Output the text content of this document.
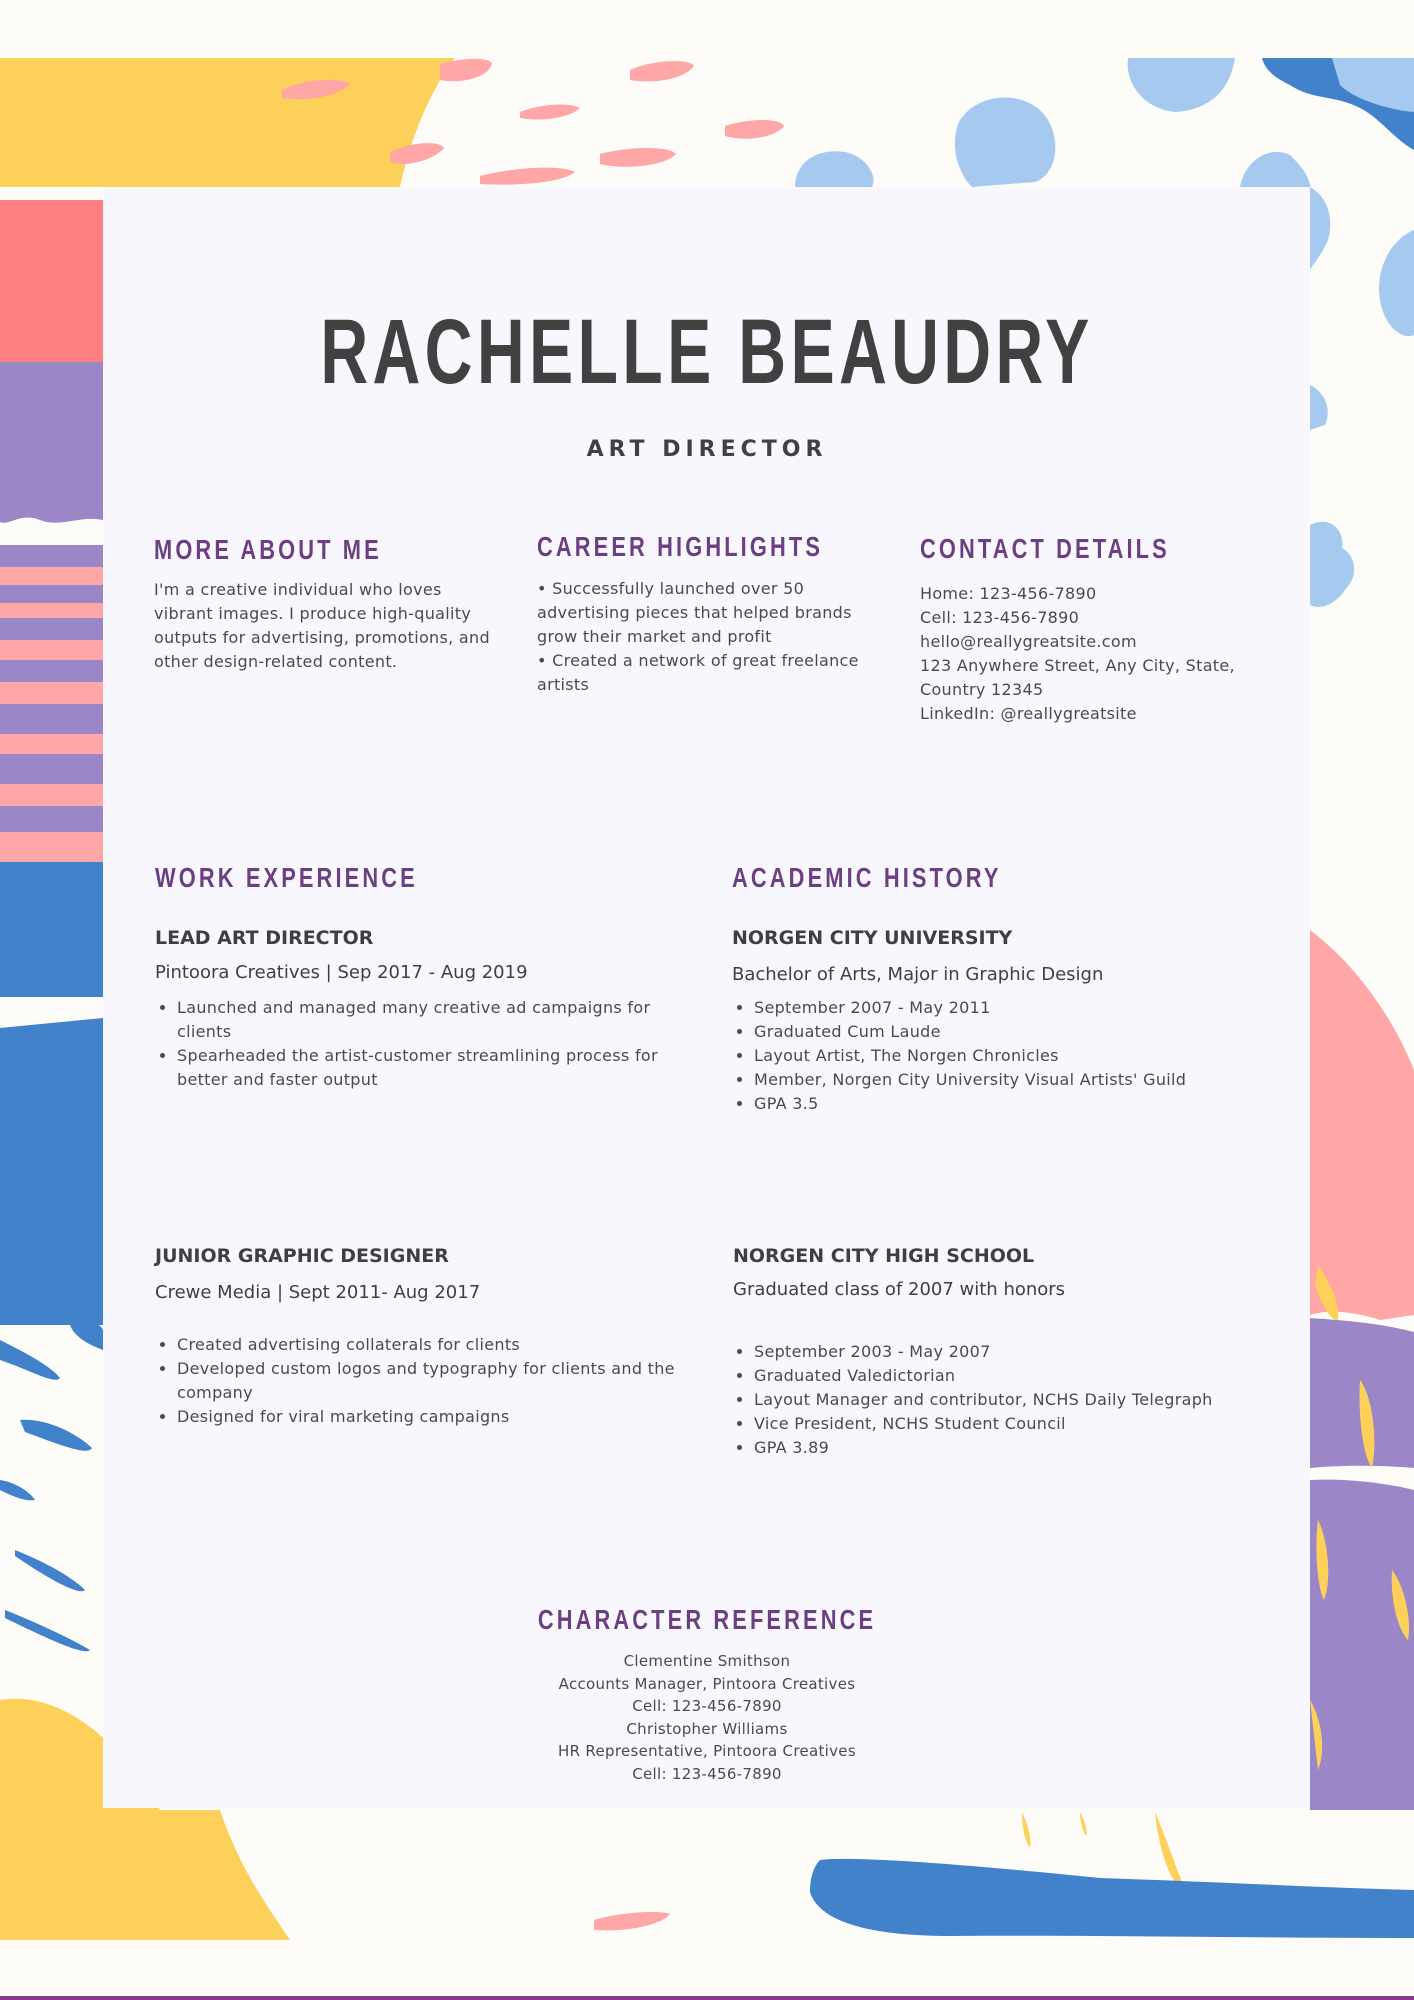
RACHELLE BEAUDRY
ART DIRECTOR
MORE ABOUT ME

I'm a creative individual who loves

vibrant images. I produce high-quality

outputs for advertising, promotions, and

other design-related content.

CAREER HIGHLIGHTS

• Successfully launched over 50

advertising pieces that helped brands

grow their market and profit

• Created a network of great freelance

artists

CONTACT DETAILS

Home: 123-456-7890

Cell: 123-456-7890

hello@reallygreatsite.com

123 Anywhere Street, Any City, State,

Country 12345

LinkedIn: @reallygreatsite

WORK EXPERIENCE
LEAD ART DIRECTOR
Pintoora Creatives | Sep 2017 - Aug 2019
• Launched and managed many creative ad campaigns for clients
• Spearheaded the artist-customer streamlining process for better and faster output
JUNIOR GRAPHIC DESIGNER
Crewe Media | Sept 2011- Aug 2017
• Created advertising collaterals for clients
• Developed custom logos and typography for clients and the company
• Designed for viral marketing campaigns
ACADEMIC HISTORY
NORGEN CITY UNIVERSITY
Bachelor of Arts, Major in Graphic Design
• September 2007 - May 2011
• Graduated Cum Laude
• Layout Artist, The Norgen Chronicles
• Member, Norgen City University Visual Artists' Guild
• GPA 3.5
NORGEN CITY HIGH SCHOOL
Graduated class of 2007 with honors
• September 2003 - May 2007
• Graduated Valedictorian
• Layout Manager and contributor, NCHS Daily Telegraph
• Vice President, NCHS Student Council
• GPA 3.89
CHARACTER REFERENCE
Clementine Smithson
Accounts Manager, Pintoora Creatives
Cell: 123-456-7890
Christopher Williams
HR Representative, Pintoora Creatives
Cell: 123-456-7890
